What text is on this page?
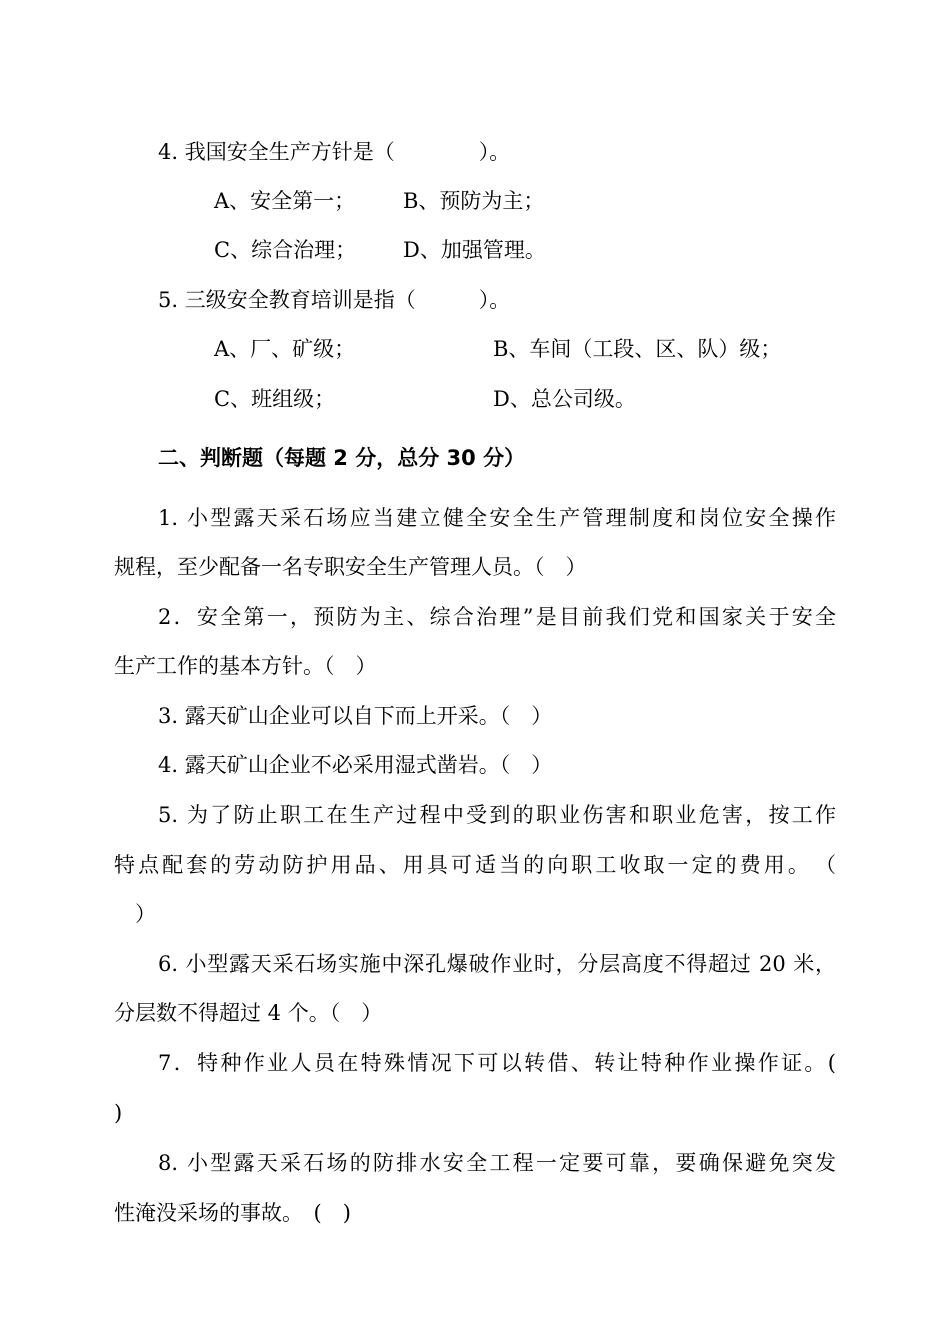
4. 我国安全生产方针是（　　　　）。
A、安全第一； B、预防为主；
C、综合治理； D、加强管理。
5. 三级安全教育培训是指（　　　）。
A、厂、矿级；	B、车间（工段、区、队）级；
C、班组级；	D、总公司级。
二、判断题（每题 2 分，总分 30 分）
1. 小型露天采石场应当建立健全安全生产管理制度和岗位安全操作
规程，至少配备一名专职安全生产管理人员。（　）
2．安全第一，预防为主、综合治理”是目前我们党和国家关于安全
生产工作的基本方针。（　）
3. 露天矿山企业可以自下而上开采。（　）
4. 露天矿山企业不必采用湿式凿岩。（　）
5. 为了防止职工在生产过程中受到的职业伤害和职业危害，按工作
特点配套的劳动防护用品、用具可适当的向职工收取一定的费用。　（
　）
6. 小型露天采石场实施中深孔爆破作业时，分层高度不得超过 20 米，
分层数不得超过 4 个。（　）
7．特种作业人员在特殊情况下可以转借、转让特种作业操作证。(
)
8. 小型露天采石场的防排水安全工程一定要可靠，要确保避免突发
性淹没采场的事故。　(　)
